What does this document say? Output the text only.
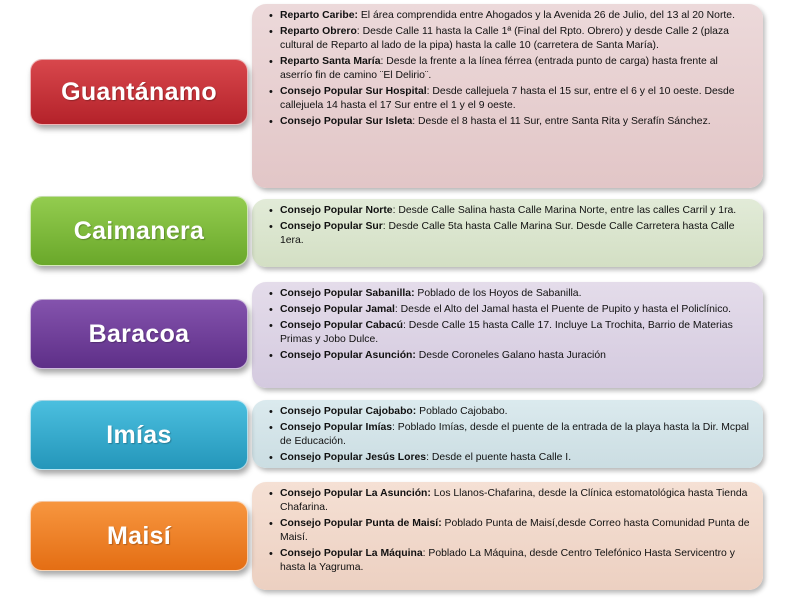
• Reparto Caribe: El área comprendida entre Ahogados y la Avenida 26 de Julio, del 13 al 20 Norte.
• Reparto Obrero: Desde Calle 11 hasta la Calle 1ª (Final del Rpto. Obrero) y desde Calle 2 (plaza cultural de Reparto al lado de la pipa) hasta la calle 10 (carretera de Santa María).
• Reparto Santa María: Desde la frente a la línea férrea (entrada punto de carga) hasta frente al aserrío fin de camino ¨El Delirio¨.
• Consejo Popular Sur Hospital: Desde callejuela 7 hasta el 15 sur, entre el 6 y el 10 oeste. Desde callejuela 14 hasta el 17 Sur entre el 1 y el 9 oeste.
• Consejo Popular Sur Isleta: Desde el 8 hasta el 11 Sur, entre Santa Rita y Serafín Sánchez.
Guantánamo
• Consejo Popular Norte: Desde Calle Salina hasta Calle Marina Norte, entre las calles Carril y 1ra.
• Consejo Popular Sur: Desde Calle 5ta hasta Calle Marina Sur. Desde Calle Carretera hasta Calle 1era.
Caimanera
• Consejo Popular Sabanilla: Poblado de los Hoyos de Sabanilla.
• Consejo Popular Jamal: Desde el Alto del Jamal hasta el Puente de Pupito y hasta el Policlínico.
• Consejo Popular Cabacú: Desde Calle 15 hasta Calle 17. Incluye La Trochita, Barrio de Materias Primas y Jobo Dulce.
• Consejo Popular Asunción: Desde Coroneles Galano hasta Juración
Baracoa
• Consejo Popular Cajobabo: Poblado Cajobabo.
• Consejo Popular Imías: Poblado Imías, desde el puente de la entrada de la playa hasta la Dir. Mcpal de Educación.
• Consejo Popular Jesús Lores: Desde el puente hasta Calle I.
Imías
• Consejo Popular La Asunción: Los Llanos-Chafarina, desde la Clínica estomatológica hasta Tienda Chafarina.
• Consejo Popular Punta de Maisí: Poblado Punta de Maisí,desde Correo hasta Comunidad Punta de Maisí.
• Consejo Popular La Máquina: Poblado La Máquina, desde Centro Telefónico Hasta Servicentro y hasta la Yagruma.
Maisí
